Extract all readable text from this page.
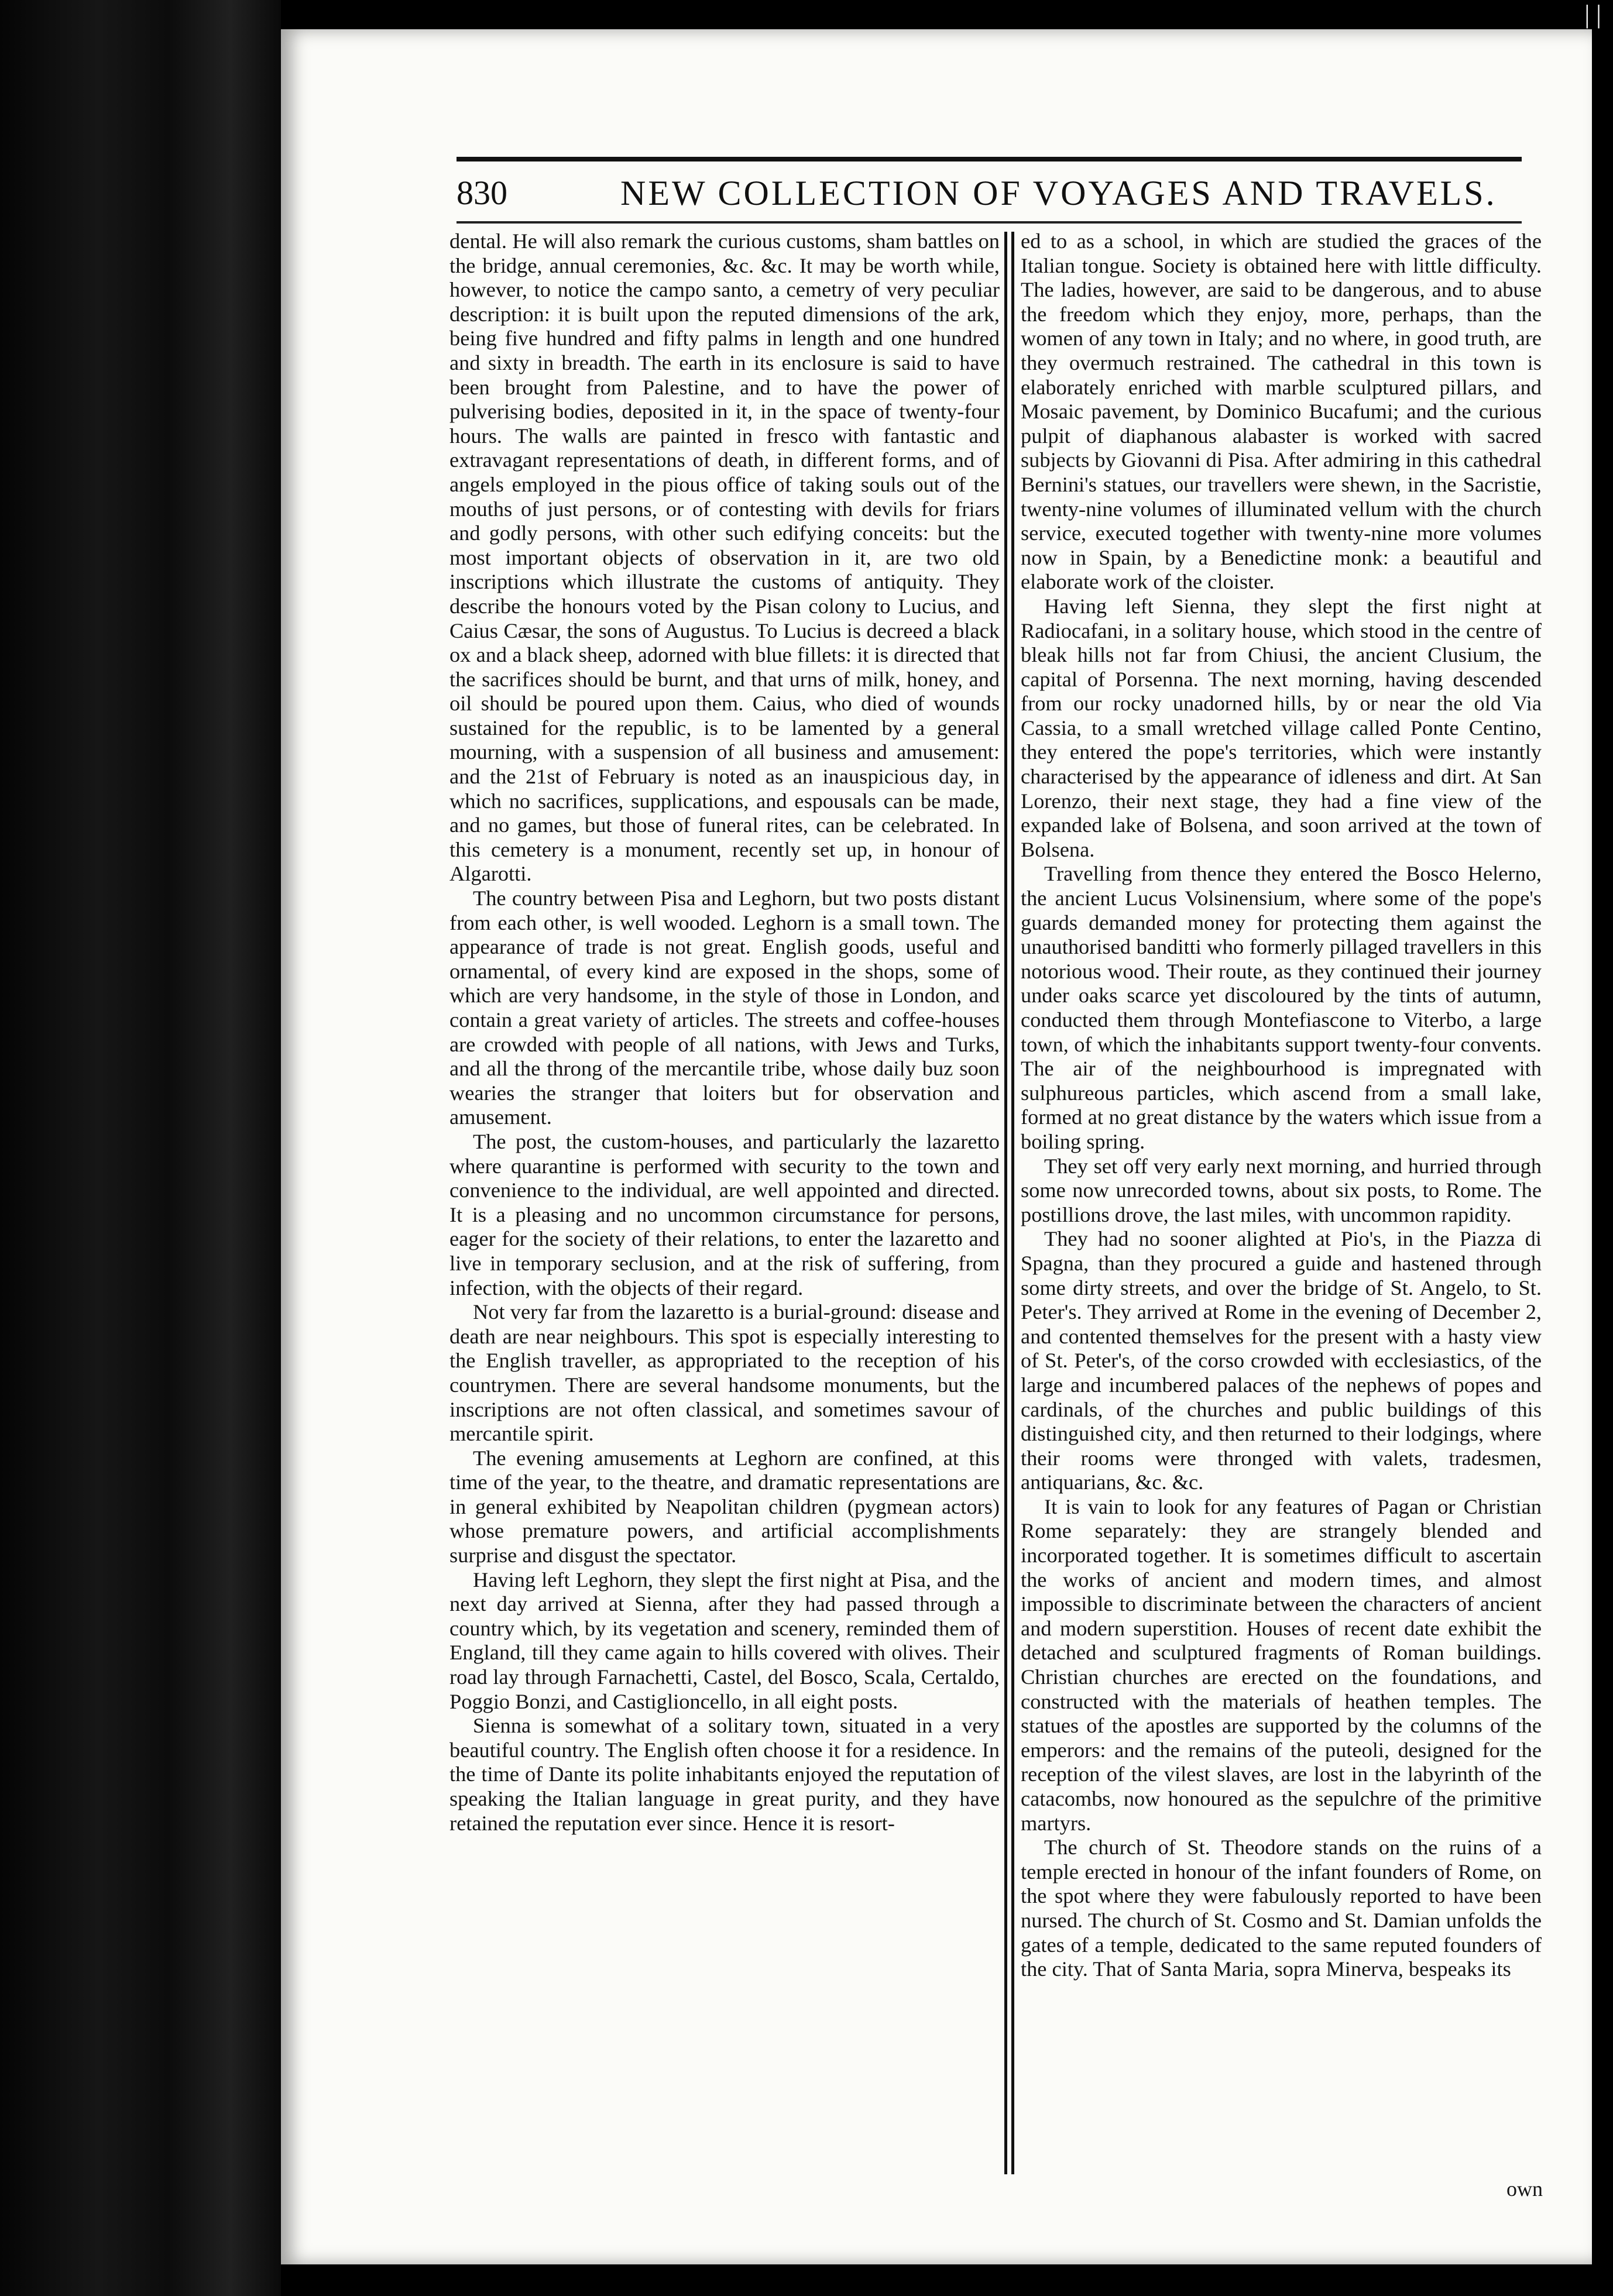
| |
830	NEW COLLECTION OF VOYAGES AND TRAVELS.

dental. He will also remark the curious customs, sham battles on the bridge, annual ceremonies, &c. &c. It may be worth while, however, to notice the campo santo, a cemetry of very peculiar description: it is built upon the reputed dimensions of the ark, being five hundred and fifty palms in length and one hundred and sixty in breadth. The earth in its enclosure is said to have been brought from Palestine, and to have the power of pulverising bodies, deposited in it, in the space of twenty-four hours. The walls are painted in fresco with fantastic and extravagant representations of death, in different forms, and of angels employed in the pious office of taking souls out of the mouths of just persons, or of contesting with devils for friars and godly persons, with other such edifying conceits: but the most important objects of observation in it, are two old inscriptions which illustrate the customs of antiquity. They describe the honours voted by the Pisan colony to Lucius, and Caius Cæsar, the sons of Augustus. To Lucius is decreed a black ox and a black sheep, adorned with blue fillets: it is directed that the sacrifices should be burnt, and that urns of milk, honey, and oil should be poured upon them. Caius, who died of wounds sustained for the republic, is to be lamented by a general mourning, with a suspension of all business and amusement: and the 21st of February is noted as an inauspicious day, in which no sacrifices, supplications, and espousals can be made, and no games, but those of funeral rites, can be celebrated. In this cemetery is a monument, recently set up, in honour of Algarotti.

The country between Pisa and Leghorn, but two posts distant from each other, is well wooded. Leghorn is a small town. The appearance of trade is not great. English goods, useful and ornamental, of every kind are exposed in the shops, some of which are very handsome, in the style of those in London, and contain a great variety of articles. The streets and coffee-houses are crowded with people of all nations, with Jews and Turks, and all the throng of the mercantile tribe, whose daily buz soon wearies the stranger that loiters but for observation and amusement.

The post, the custom-houses, and particularly the lazaretto where quarantine is performed with security to the town and convenience to the individual, are well appointed and directed. It is a pleasing and no uncommon circumstance for persons, eager for the society of their relations, to enter the lazaretto and live in temporary seclusion, and at the risk of suffering, from infection, with the objects of their regard.

Not very far from the lazaretto is a burial-ground: disease and death are near neighbours. This spot is especially interesting to the English traveller, as appropriated to the reception of his countrymen. There are several handsome monuments, but the inscriptions are not often classical, and sometimes savour of mercantile spirit.

The evening amusements at Leghorn are confined, at this time of the year, to the theatre, and dramatic representations are in general exhibited by Neapolitan children (pygmean actors) whose premature powers, and artificial accomplishments surprise and disgust the spectator.

Having left Leghorn, they slept the first night at Pisa, and the next day arrived at Sienna, after they had passed through a country which, by its vegetation and scenery, reminded them of England, till they came again to hills covered with olives. Their road lay through Farnachetti, Castel, del Bosco, Scala, Certaldo, Poggio Bonzi, and Castiglioncello, in all eight posts.

Sienna is somewhat of a solitary town, situated in a very beautiful country. The English often choose it for a residence. In the time of Dante its polite inhabitants enjoyed the reputation of speaking the Italian language in great purity, and they have retained the reputation ever since. Hence it is resort-

ed to as a school, in which are studied the graces of the Italian tongue. Society is obtained here with little difficulty. The ladies, however, are said to be dangerous, and to abuse the freedom which they enjoy, more, perhaps, than the women of any town in Italy; and no where, in good truth, are they overmuch restrained. The cathedral in this town is elaborately enriched with marble sculptured pillars, and Mosaic pavement, by Dominico Bucafumi; and the curious pulpit of diaphanous alabaster is worked with sacred subjects by Giovanni di Pisa. After admiring in this cathedral Bernini's statues, our travellers were shewn, in the Sacristie, twenty-nine volumes of illuminated vellum with the church service, executed together with twenty-nine more volumes now in Spain, by a Benedictine monk: a beautiful and elaborate work of the cloister.

Having left Sienna, they slept the first night at Radiocafani, in a solitary house, which stood in the centre of bleak hills not far from Chiusi, the ancient Clusium, the capital of Porsenna. The next morning, having descended from our rocky unadorned hills, by or near the old Via Cassia, to a small wretched village called Ponte Centino, they entered the pope's territories, which were instantly characterised by the appearance of idleness and dirt. At San Lorenzo, their next stage, they had a fine view of the expanded lake of Bolsena, and soon arrived at the town of Bolsena.

Travelling from thence they entered the Bosco Helerno, the ancient Lucus Volsinensium, where some of the pope's guards demanded money for protecting them against the unauthorised banditti who formerly pillaged travellers in this notorious wood. Their route, as they continued their journey under oaks scarce yet discoloured by the tints of autumn, conducted them through Montefiascone to Viterbo, a large town, of which the inhabitants support twenty-four convents. The air of the neighbourhood is impregnated with sulphureous particles, which ascend from a small lake, formed at no great distance by the waters which issue from a boiling spring.

They set off very early next morning, and hurried through some now unrecorded towns, about six posts, to Rome. The postillions drove, the last miles, with uncommon rapidity.

They had no sooner alighted at Pio's, in the Piazza di Spagna, than they procured a guide and hastened through some dirty streets, and over the bridge of St. Angelo, to St. Peter's. They arrived at Rome in the evening of December 2, and contented themselves for the present with a hasty view of St. Peter's, of the corso crowded with ecclesiastics, of the large and incumbered palaces of the nephews of popes and cardinals, of the churches and public buildings of this distinguished city, and then returned to their lodgings, where their rooms were thronged with valets, tradesmen, antiquarians, &c. &c.

It is vain to look for any features of Pagan or Christian Rome separately: they are strangely blended and incorporated together. It is sometimes difficult to ascertain the works of ancient and modern times, and almost impossible to discriminate between the characters of ancient and modern superstition. Houses of recent date exhibit the detached and sculptured fragments of Roman buildings. Christian churches are erected on the foundations, and constructed with the materials of heathen temples. The statues of the apostles are supported by the columns of the emperors: and the remains of the puteoli, designed for the reception of the vilest slaves, are lost in the labyrinth of the catacombs, now honoured as the sepulchre of the primitive martyrs.

The church of St. Theodore stands on the ruins of a temple erected in honour of the infant founders of Rome, on the spot where they were fabulously reported to have been nursed. The church of St. Cosmo and St. Damian unfolds the gates of a temple, dedicated to the same reputed founders of the city. That of Santa Maria, sopra Minerva, bespeaks its

own
